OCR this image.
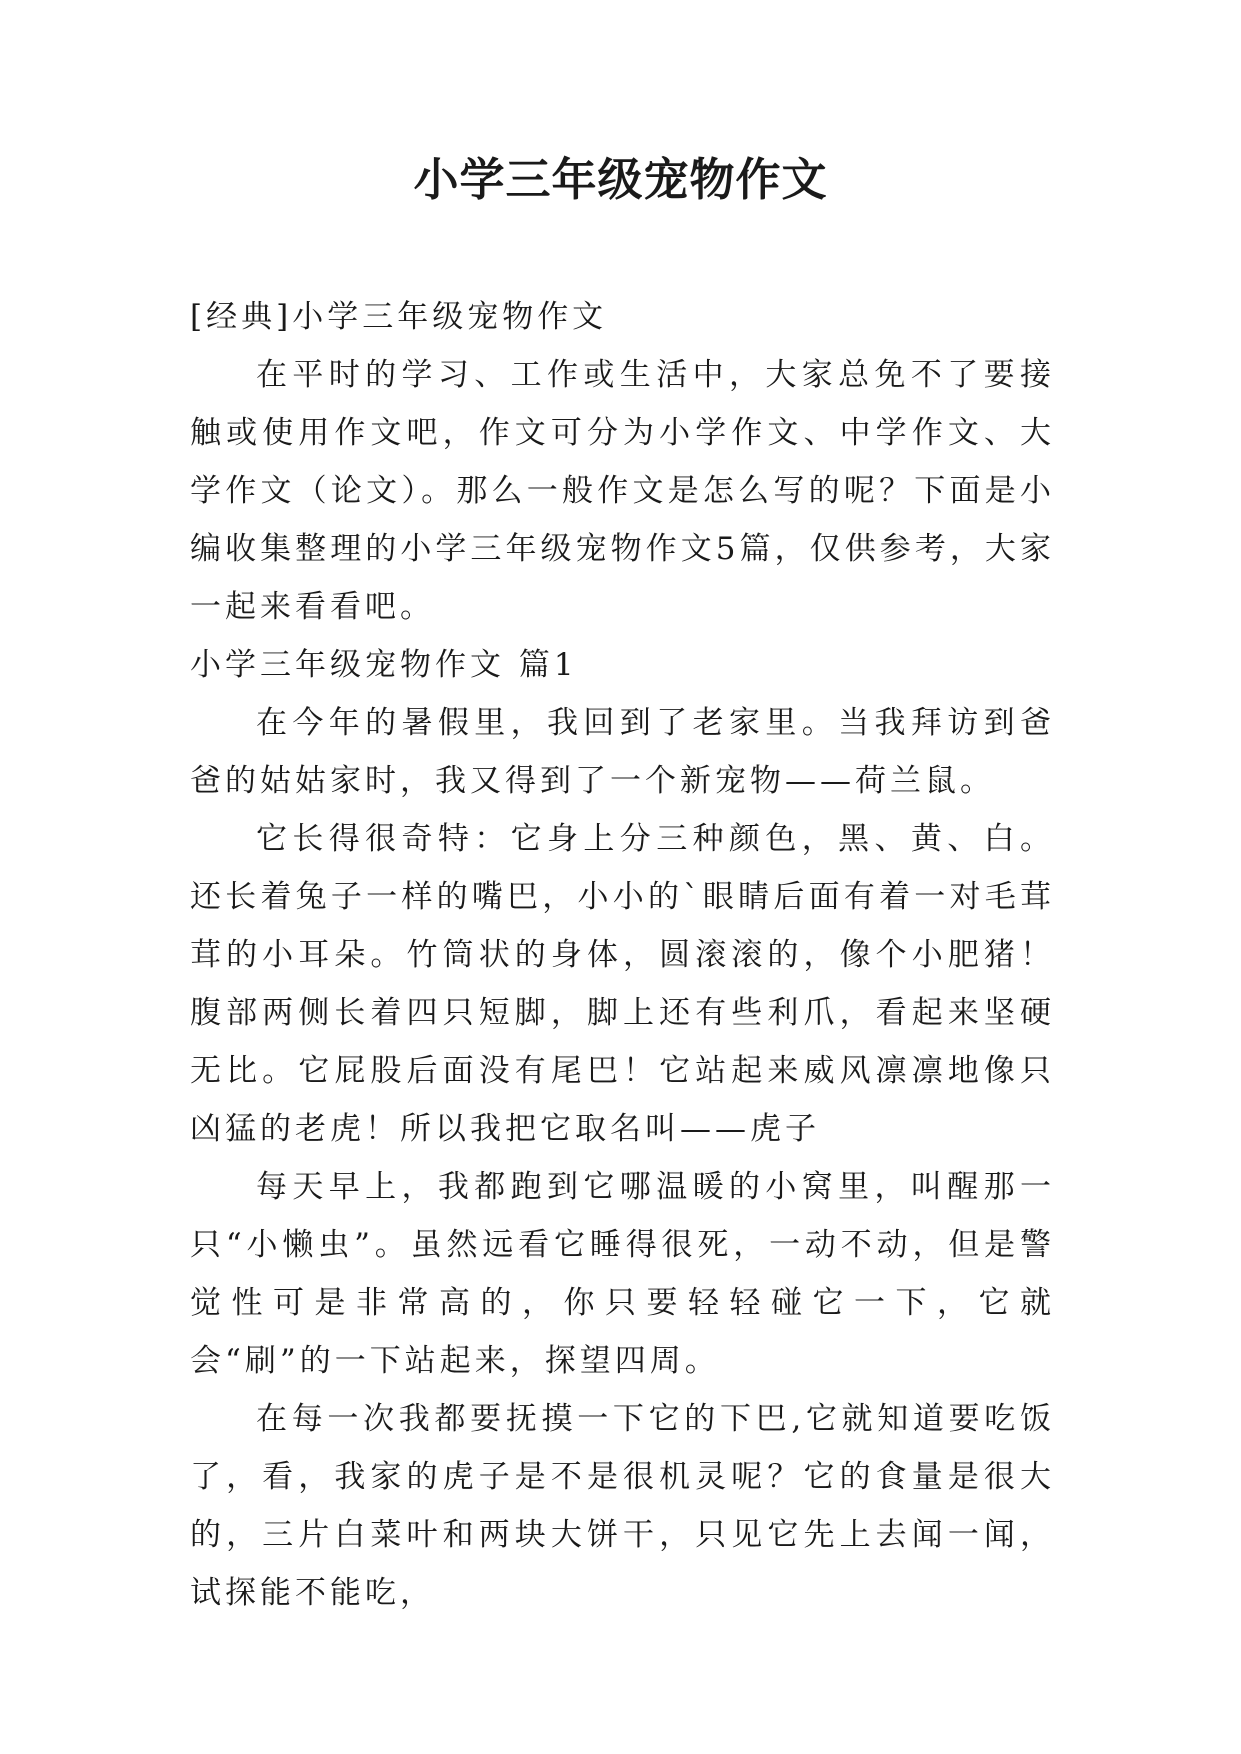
小学三年级宠物作文

[经典]小学三年级宠物作文

在平时的学习、工作或生活中，大家总免不了要接触或使用作文吧，作文可分为小学作文、中学作文、大学作文（论文）。那么一般作文是怎么写的呢？下面是小编收集整理的小学三年级宠物作文5篇，仅供参考，大家一起来看看吧。

小学三年级宠物作文 篇1

在今年的暑假里，我回到了老家里。当我拜访到爸爸的姑姑家时，我又得到了一个新宠物——荷兰鼠。

它长得很奇特：它身上分三种颜色，黑、黄、白。还长着兔子一样的嘴巴，小小的`眼睛后面有着一对毛茸茸的小耳朵。竹筒状的身体，圆滚滚的，像个小肥猪！腹部两侧长着四只短脚，脚上还有些利爪，看起来坚硬无比。它屁股后面没有尾巴！它站起来威风凛凛地像只凶猛的老虎！所以我把它取名叫——虎子

每天早上，我都跑到它哪温暖的小窝里，叫醒那一只“小懒虫”。虽然远看它睡得很死，一动不动，但是警觉性可是非常高的，你只要轻轻碰它一下，它就会“刷”的一下站起来，探望四周。

在每一次我都要抚摸一下它的下巴,它就知道要吃饭了，看，我家的虎子是不是很机灵呢？它的食量是很大的，三片白菜叶和两块大饼干，只见它先上去闻一闻，试探能不能吃，
